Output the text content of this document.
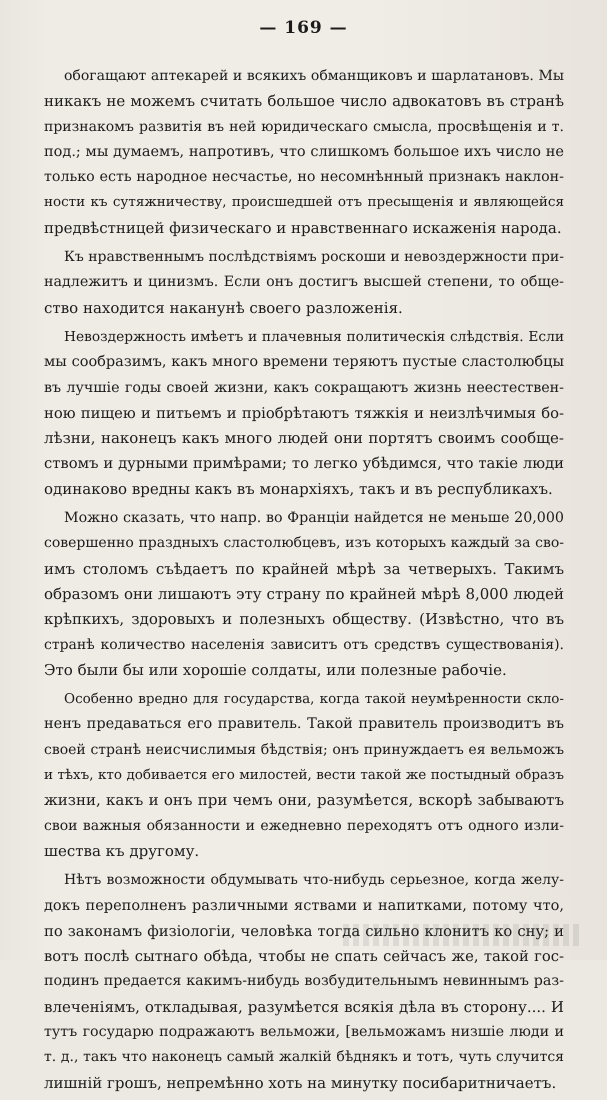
— 169 —
обогащают аптекарей и всякихъ обманщиковъ и шарлатановъ. Мы
никакъ не можемъ считать большое число адвокатовъ въ странѣ
признакомъ развитія въ ней юридическаго смысла, просвѣщенія и т.
под.; мы думаемъ, напротивъ, что слишкомъ большое ихъ число не
только есть народное несчастье, но несомнѣнный признакъ наклон-
ности къ сутяжничеству, происшедшей отъ пресыщенія и являющейся
предвѣстницей физическаго и нравственнаго искаженія народа.
Къ нравственнымъ послѣдствіямъ роскоши и невоздержности при-
надлежитъ и цинизмъ. Если онъ достигъ высшей степени, то обще-
ство находится наканунѣ своего разложенія.
Невоздержность имѣетъ и плачевныя политическія слѣдствія. Если
мы сообразимъ, какъ много времени теряютъ пустые сластолюбцы
въ лучшіе годы своей жизни, какъ сокращаютъ жизнь неестествен-
ною пищею и питьемъ и пріобрѣтаютъ тяжкія и неизлѣчимыя бо-
лѣзни, наконецъ какъ много людей они портятъ своимъ сообще-
ствомъ и дурными примѣрами; то легко убѣдимся, что такіе люди
одинаково вредны какъ въ монархіяхъ, такъ и въ республикахъ.
Можно сказать, что напр. во Франціи найдется не меньше 20,000
совершенно праздныхъ сластолюбцевъ, изъ которыхъ каждый за сво-
имъ столомъ съѣдаетъ по крайней мѣрѣ за четверыхъ. Такимъ
образомъ они лишаютъ эту страну по крайней мѣрѣ 8,000 людей
крѣпкихъ, здоровыхъ и полезныхъ обществу. (Извѣстно, что въ
странѣ количество населенія зависитъ отъ средствъ существованія).
Это были бы или хорошіе солдаты, или полезные рабочіе.
Особенно вредно для государства, когда такой неумѣренности скло-
ненъ предаваться его правитель. Такой правитель производитъ въ
своей странѣ неисчислимыя бѣдствія; онъ принуждаетъ ея вельможъ
и тѣхъ, кто добивается его милостей, вести такой же постыдный образъ
жизни, какъ и онъ при чемъ они, разумѣется, вскорѣ забываютъ
свои важныя обязанности и ежедневно переходятъ отъ одного изли-
шества къ другому.
Нѣтъ возможности обдумывать что-нибудь серьезное, когда желу-
докъ переполненъ различными яствами и напитками, потому что,
по законамъ физіологіи, человѣка тогда сильно клонитъ ко сну; и
вотъ послѣ сытнаго обѣда, чтобы не спать сейчасъ же, такой гос-
подинъ предается какимъ-нибудь возбудительнымъ невиннымъ раз-
влеченіямъ, откладывая, разумѣется всякія дѣла въ сторону.... И
тутъ государю подражаютъ вельможи, [вельможамъ низшіе люди и
т. д., такъ что наконецъ самый жалкій бѣднякъ и тотъ, чуть случится
лишній грошъ, непремѣнно хоть на минутку посибаритничаетъ.
